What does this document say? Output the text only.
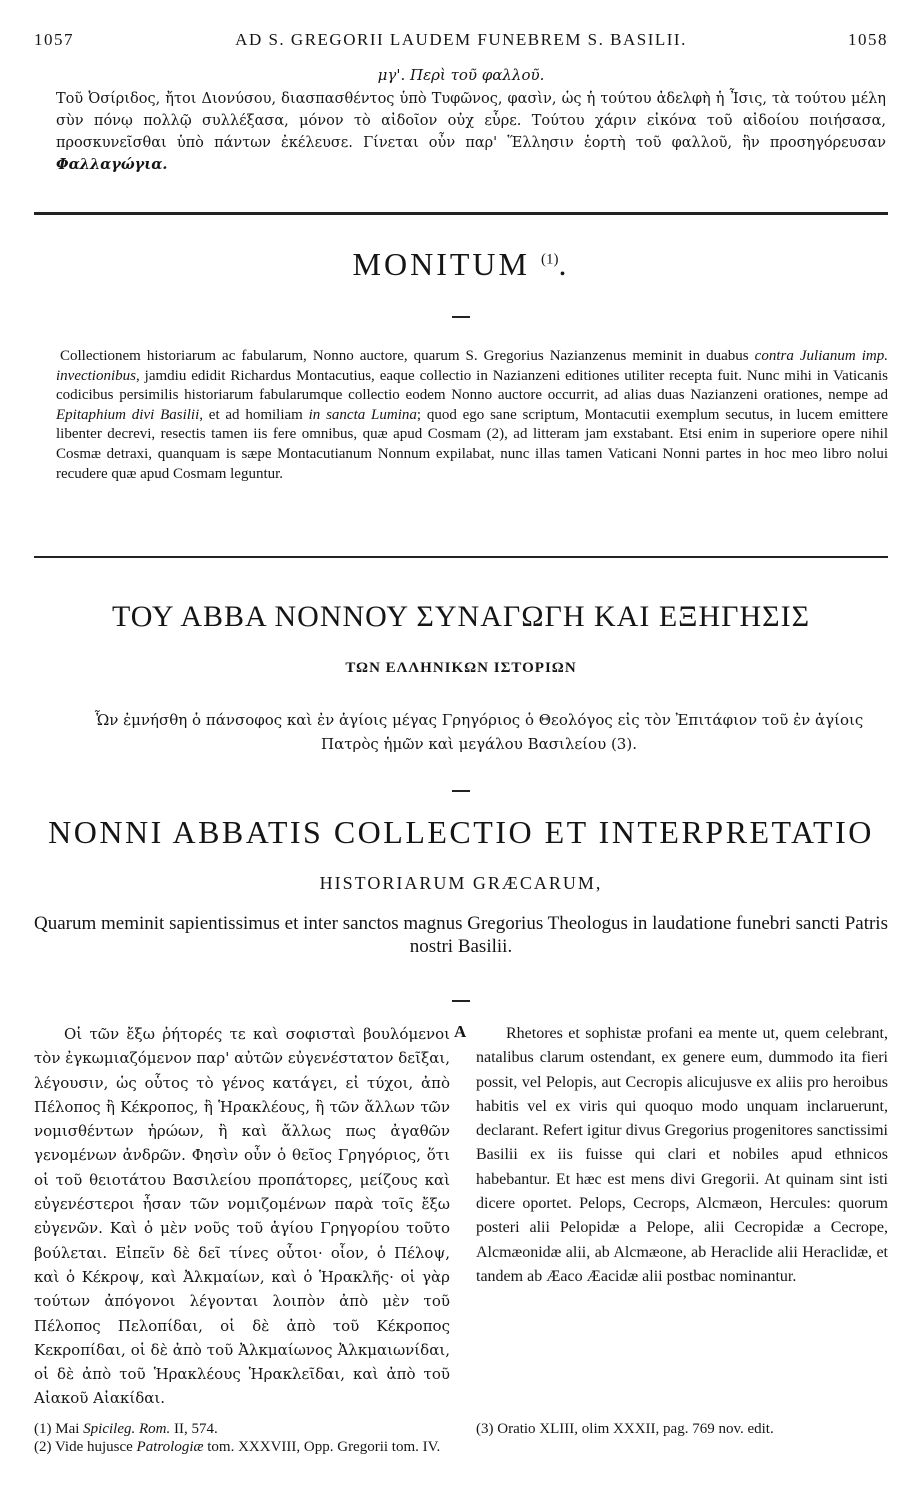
1057	AD S. GREGORII LAUDEM FUNEBREM S. BASILII.	1058
μγ'. Περὶ τοῦ φαλλοῦ.
Τοῦ Ὀσίριδος, ἤτοι Διονύσου, διασπασθέντος ὑπὸ Τυφῶνος, φασὶν, ὡς ἡ τούτου ἀδελφὴ ἡ Ἶσις, τὰ τούτου μέλη σὺν πόνῳ πολλῷ συλλέξασα, μόνον τὸ αἰδοῖον οὐχ εὗρε. Τούτου χάριν εἰκόνα τοῦ αἰδοίου ποιήσασα, προσκυνεῖσθαι ὑπὸ πάντων ἐκέλευσε. Γίνεται οὖν παρ' Ἕλλησιν ἑορτὴ τοῦ φαλλοῦ, ἣν προσηγόρευσαν Φαλλαγώγια.
MONITUM $^{(1)}$.
Collectionem historiarum ac fabularum, Nonno auctore, quarum S. Gregorius Nazianzenus meminit in duabus contra Julianum imp. invectionibus, jamdiu edidit Richardus Montacutius, eaque collectio in Nazianzeni editiones utiliter recepta fuit. Nunc mihi in Vaticanis codicibus persimilis historiarum fabularumque collectio eodem Nonno auctore occurrit, ad alias duas Nazianzeni orationes, nempe ad Epitaphium divi Basilii, et ad homiliam in sancta Lumina; quod ego sane scriptum, Montacutii exemplum secutus, in lucem emittere libenter decrevi, resectis tamen iis fere omnibus, quæ apud Cosmam (2), ad litteram jam exstabant. Etsi enim in superiore opere nihil Cosmæ detraxi, quanquam is sæpe Montacutianum Nonnum expilabat, nunc illas tamen Vaticani Nonni partes in hoc meo libro nolui recudere quæ apud Cosmam leguntur.
ΤΟΥ ΑΒΒΑ ΝΟΝΝΟΥ ΣΥΝΑΓΩΓΗ ΚΑΙ ΕΞΗΓΗΣΙΣ
ΤΩΝ ΕΛΛΗΝΙΚΩΝ ΙΣΤΟΡΙΩΝ
Ὧν ἐμνήσθη ὁ πάνσοφος καὶ ἐν ἁγίοις μέγας Γρηγόριος ὁ Θεολόγος εἰς τὸν Ἐπιτάφιον τοῦ ἐν ἁγίοις Πατρὸς ἡμῶν καὶ μεγάλου Βασιλείου (3).
NONNI ABBATIS COLLECTIO ET INTERPRETATIO
HISTORIARUM GRÆCARUM,
Quarum meminit sapientissimus et inter sanctos magnus Gregorius Theologus in laudatione funebri sancti Patris nostri Basilii.

Οἱ τῶν ἔξω ῥήτορές τε καὶ σοφισταὶ βουλόμενοι τὸν ἐγκωμιαζόμενον παρ' αὐτῶν εὐγενέστατον δεῖξαι, λέγουσιν, ὡς οὗτος τὸ γένος κατάγει, εἰ τύχοι, ἀπὸ Πέλοπος ἢ Κέκροπος, ἢ Ἡρακλέους, ἢ τῶν ἄλλων τῶν νομισθέντων ἡρώων, ἢ καὶ ἄλλως πως ἀγαθῶν γενομένων ἀνδρῶν. Φησὶν οὖν ὁ θεῖος Γρηγόριος, ὅτι οἱ τοῦ θειοτάτου Βασιλείου προπάτορες, μείζους καὶ εὐγενέστεροι ἦσαν τῶν νομιζομένων παρὰ τοῖς ἔξω εὐγενῶν. Καὶ ὁ μὲν νοῦς τοῦ ἁγίου Γρηγορίου τοῦτο βούλεται. Εἰπεῖν δὲ δεῖ τίνες οὗτοι· οἷον, ὁ Πέλοψ, καὶ ὁ Κέκροψ, καὶ Ἀλκμαίων, καὶ ὁ Ἡρακλῆς· οἱ γὰρ τούτων ἀπόγονοι λέγονται λοιπὸν ἀπὸ μὲν τοῦ Πέλοπος Πελοπίδαι, οἱ δὲ ἀπὸ τοῦ Κέκροπος Κεκροπίδαι, οἱ δὲ ἀπὸ τοῦ Ἀλκμαίωνος Ἀλκμαιωνίδαι, οἱ δὲ ἀπὸ τοῦ Ἡρακλέους Ἡρακλεῖδαι, καὶ ἀπὸ τοῦ Αἰακοῦ Αἰακίδαι.

A	Rhetores et sophistæ profani ea mente ut, quem celebrant, natalibus clarum ostendant, ex genere eum, dummodo ita fieri possit, vel Pelopis, aut Cecropis alicujusve ex aliis pro heroibus habitis vel ex viris qui quoquo modo unquam inclaruerunt, declarant. Refert igitur divus Gregorius progenitores sanctissimi Basilii ex iis fuisse qui clari et nobiles apud ethnicos habebantur. Et hæc est mens divi Gregorii. At quinam sint isti dicere oportet. Pelops, Cecrops, Alcmæon, Hercules: quorum posteri alii Pelopidæ a Pelope, alii Cecropidæ a Cecrope, Alcmæonidæ alii, ab Alcmæone, ab Heraclide alii Heraclidæ, et tandem ab Æaco Æacidæ alii postbac nominantur.

(1) Mai Spicileg. Rom. II, 574.
(2) Vide hujusce Patrologiæ tom. XXXVIII, Opp. Gregorii tom. IV.
(3) Oratio XLIII, olim XXXII, pag. 769 nov. edit.
